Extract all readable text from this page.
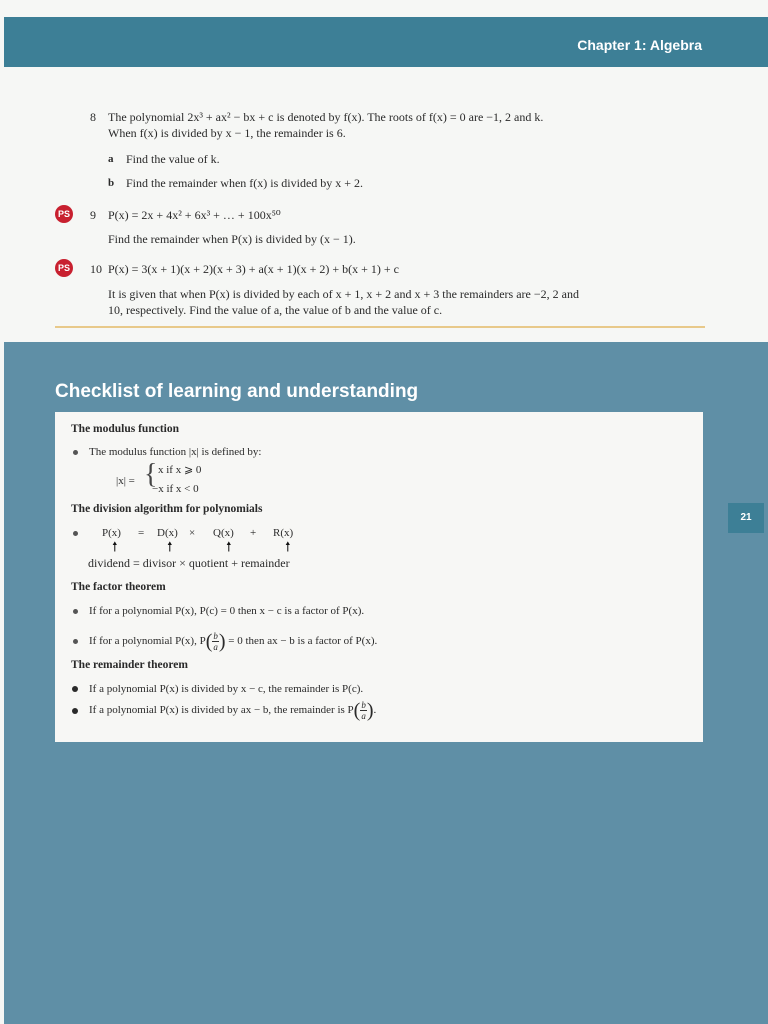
Chapter 1: Algebra
8 The polynomial 2x³ + ax² − bx + c is denoted by f(x). The roots of f(x) = 0 are −1, 2 and k.
When f(x) is divided by x − 1, the remainder is 6.
a Find the value of k.
b Find the remainder when f(x) is divided by x + 2.
PS 9 P(x) = 2x + 4x² + 6x³ + … + 100x⁵⁰
Find the remainder when P(x) is divided by (x − 1).
PS 10 P(x) = 3(x + 1)(x + 2)(x + 3) + a(x + 1)(x + 2) + b(x + 1) + c
It is given that when P(x) is divided by each of x + 1, x + 2 and x + 3 the remainders are −2, 2 and
10, respectively. Find the value of a, the value of b and the value of c.
Checklist of learning and understanding
The modulus function
The modulus function |x| is defined by:
|x| = { x if x ⩾ 0
−x if x < 0
The division algorithm for polynomials
P(x) = D(x) × Q(x) + R(x)
🠕	🠕	🠕	🠕
dividend = divisor × quotient + remainder
The factor theorem
If for a polynomial P(x), P(c) = 0 then x − c is a factor of P(x).
If for a polynomial P(x), $P( \frac{b}{a}$ ) = 0 then ax − b is a factor of P(x).
The remainder theorem
If a polynomial P(x) is divided by x − c, the remainder is P(c).
If a polynomial P(x) is divided by ax − b, the remainder is $P( \frac{b}{a}$ ).
21
